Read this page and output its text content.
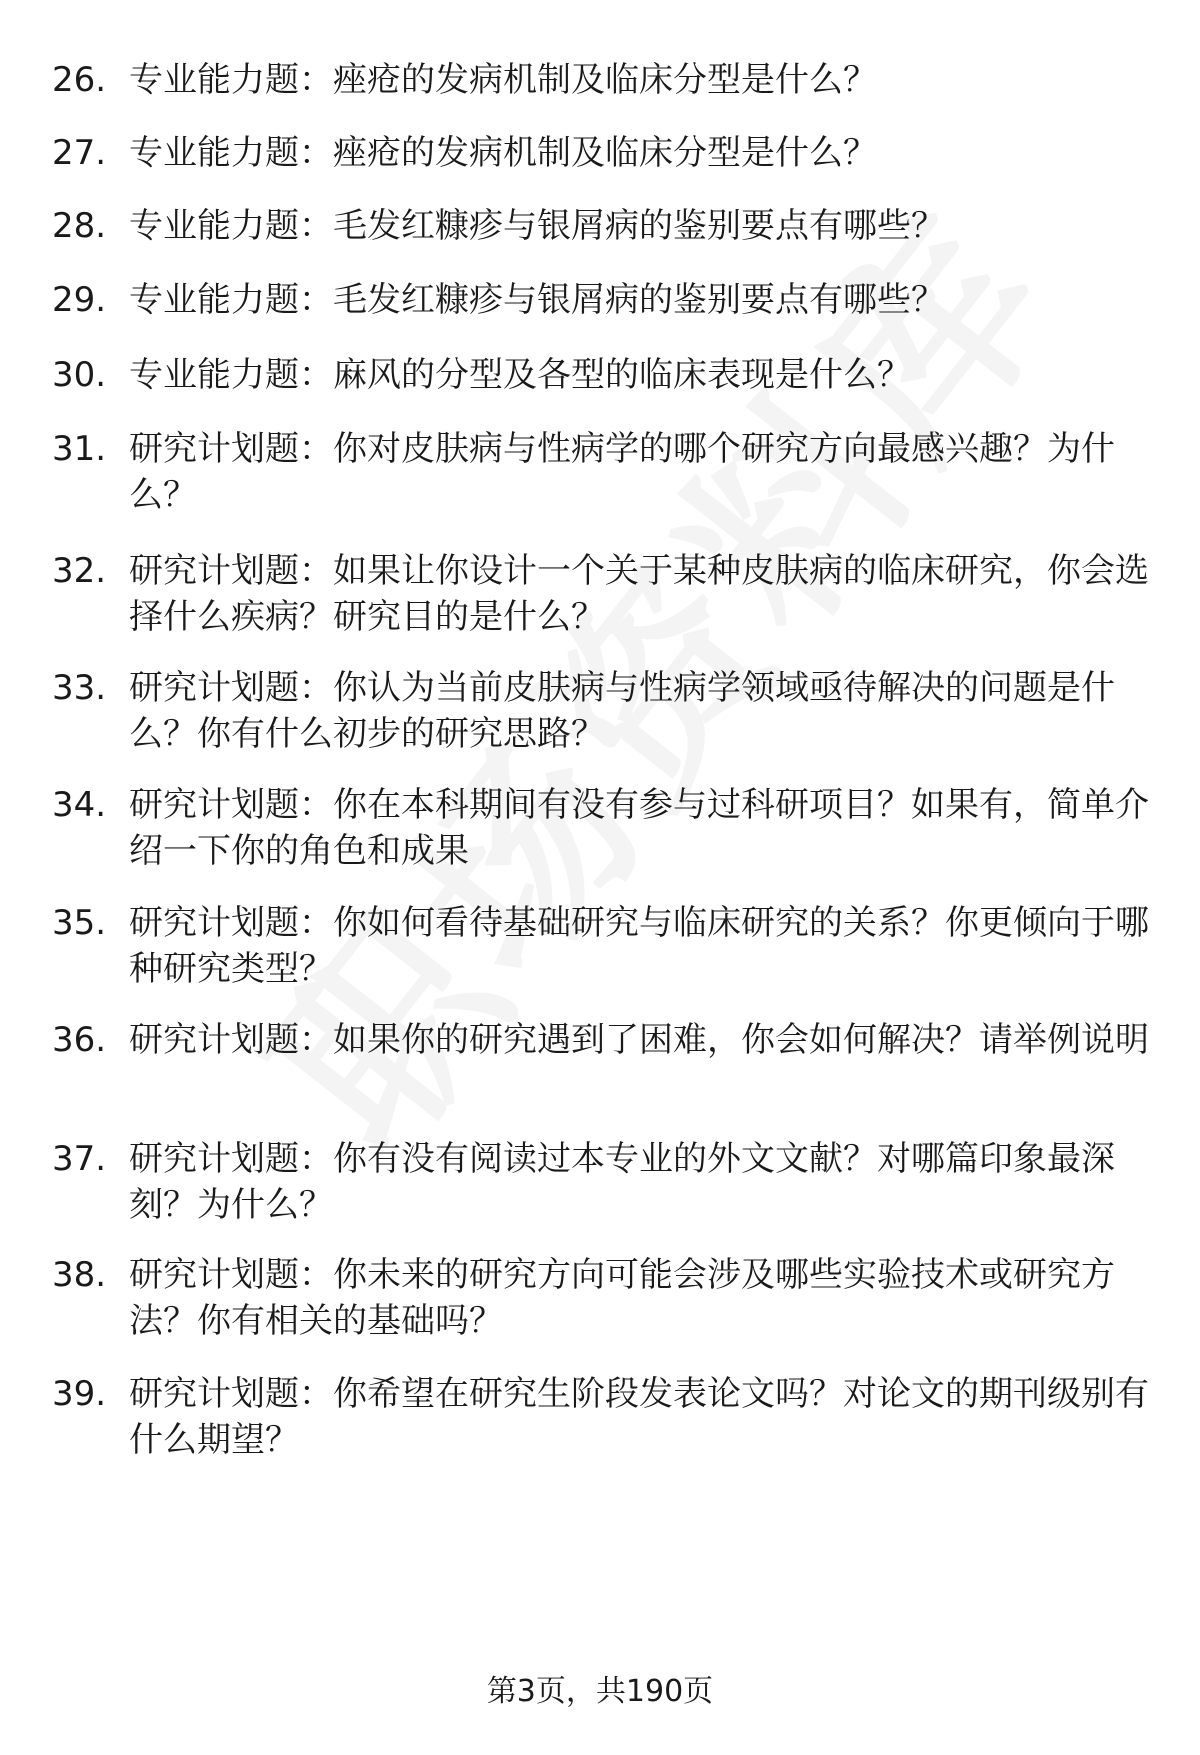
26. 专业能力题：痤疮的发病机制及临床分型是什么？
27. 专业能力题：痤疮的发病机制及临床分型是什么？
28. 专业能力题：毛发红糠疹与银屑病的鉴别要点有哪些？
29. 专业能力题：毛发红糠疹与银屑病的鉴别要点有哪些？
30. 专业能力题：麻风的分型及各型的临床表现是什么？
31. 研究计划题：你对皮肤病与性病学的哪个研究方向最感兴趣？为什么？
32. 研究计划题：如果让你设计一个关于某种皮肤病的临床研究，你会选择什么疾病？研究目的是什么？
33. 研究计划题：你认为当前皮肤病与性病学领域亟待解决的问题是什么？你有什么初步的研究思路？
34. 研究计划题：你在本科期间有没有参与过科研项目？如果有，简单介绍一下你的角色和成果
35. 研究计划题：你如何看待基础研究与临床研究的关系？你更倾向于哪种研究类型？
36. 研究计划题：如果你的研究遇到了困难，你会如何解决？请举例说明
37. 研究计划题：你有没有阅读过本专业的外文文献？对哪篇印象最深刻？为什么？
38. 研究计划题：你未来的研究方向可能会涉及哪些实验技术或研究方法？你有相关的基础吗？
39. 研究计划题：你希望在研究生阶段发表论文吗？对论文的期刊级别有什么期望？
第3页，共190页
